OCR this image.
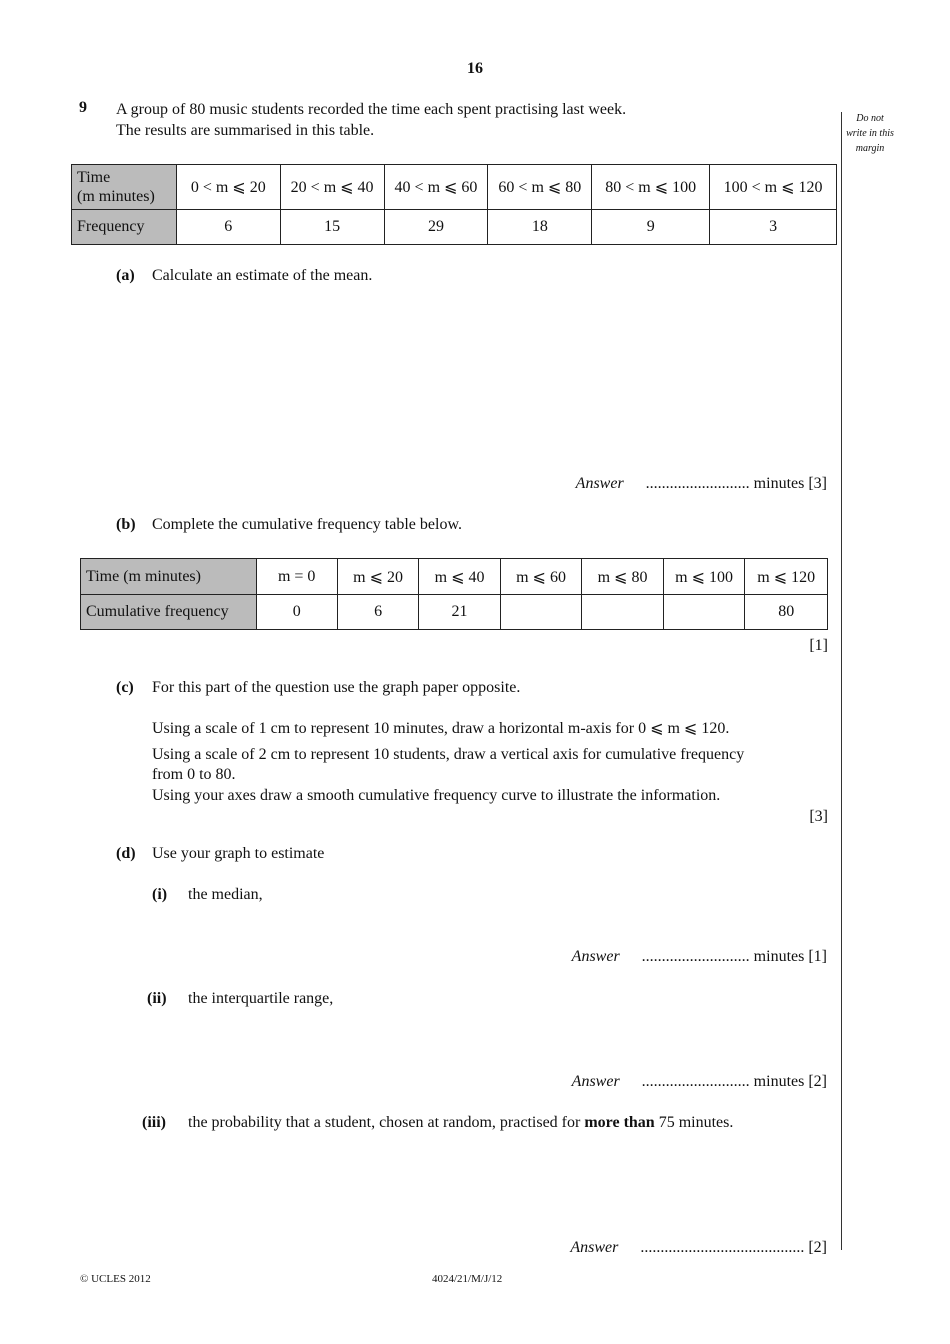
16
Do not
write in this
margin
9 A group of 80 music students recorded the time each spent practising last week.
The results are summarised in this table.
Time
(m minutes)	0 < m ⩽ 20	20 < m ⩽ 40	40 < m ⩽ 60	60 < m ⩽ 80	80 < m ⩽ 100	100 < m ⩽ 120
Frequency	6	15	29	18	9	3
(a) Calculate an estimate of the mean.
Answer .......................... minutes [3]
(b) Complete the cumulative frequency table below.
Time (m minutes)	m = 0	m ⩽ 20	m ⩽ 40	m ⩽ 60	m ⩽ 80	m ⩽ 100	m ⩽ 120
Cumulative frequency	0	6	21				80
[1]
(c) For this part of the question use the graph paper opposite.
Using a scale of 1 cm to represent 10 minutes, draw a horizontal m-axis for 0 ⩽ m ⩽ 120.
Using a scale of 2 cm to represent 10 students, draw a vertical axis for cumulative frequency
from 0 to 80.
Using your axes draw a smooth cumulative frequency curve to illustrate the information.
[3]
(d) Use your graph to estimate
(i) the median,
Answer ........................... minutes [1]
(ii) the interquartile range,
Answer ........................... minutes [2]
(iii) the probability that a student, chosen at random, practised for more than 75 minutes.
Answer ......................................... [2]
© UCLES 2012	4024/21/M/J/12
